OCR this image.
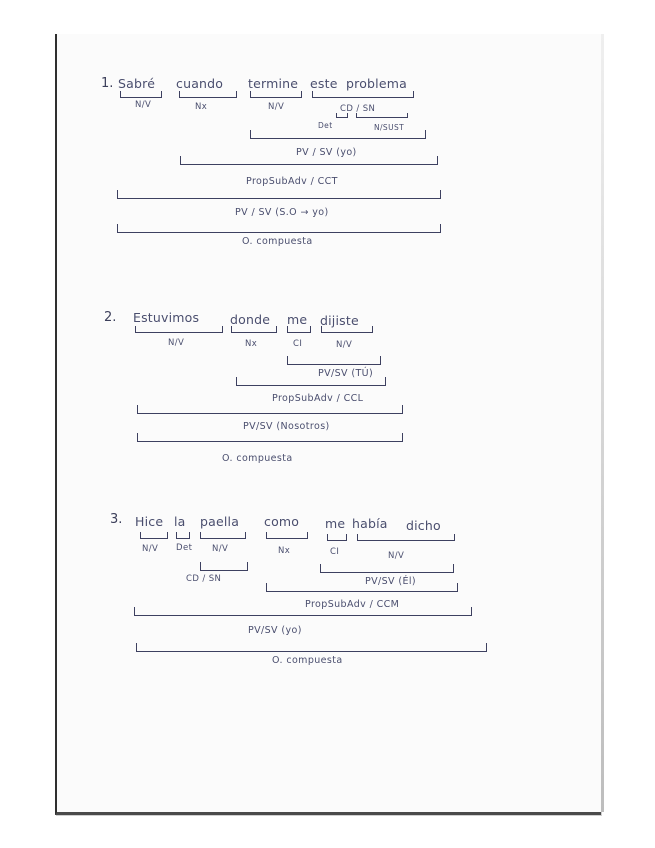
1. Sabré cuando termine este problema
N/V	Nx	N/V	CD / SN
Det	N/SUST
PV / SV (yo)
PropSubAdv / CCT
PV / SV (S.O → yo)
O. compuesta
2. Estuvimos donde me dijiste
N/V	Nx	CI	N/V
PV/SV (TÚ)
PropSubAdv / CCL
PV/SV (Nosotros)
O. compuesta
3. Hice la paella como me había dicho
N/V Det N/V	Nx	CI	N/V
CD / SN	PV/SV (Él)
PropSubAdv / CCM
PV/SV (yo)
O. compuesta
